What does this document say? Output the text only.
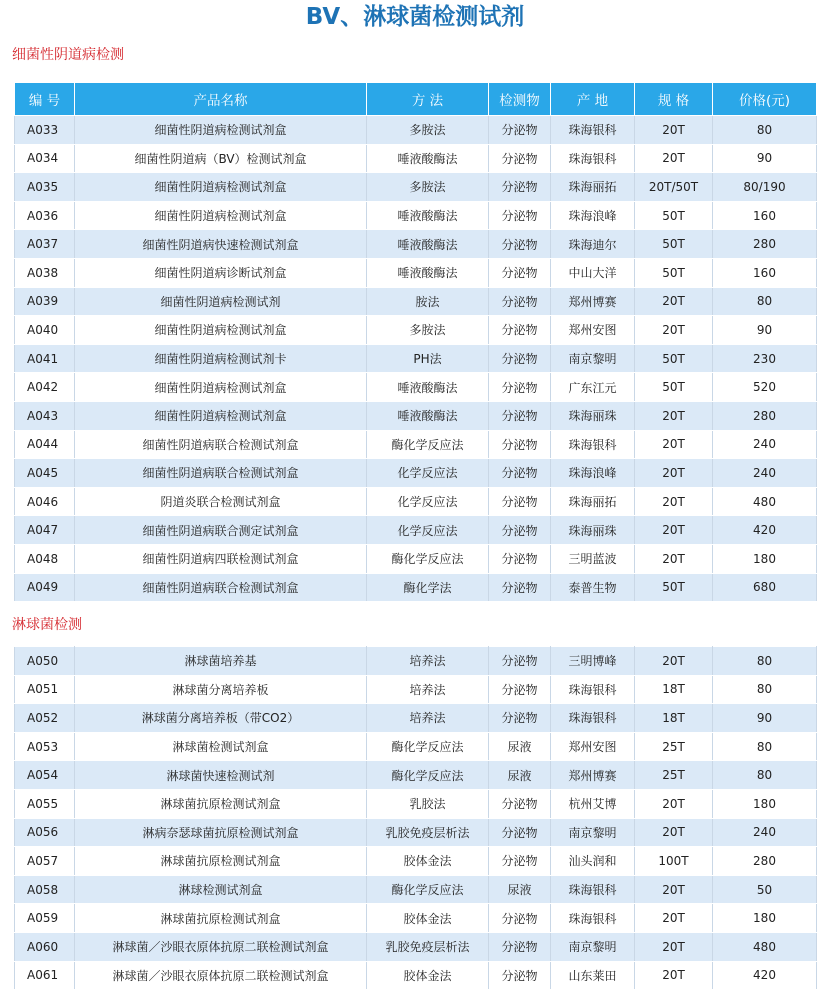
BV、淋球菌检测试剂
细菌性阴道病检测
编 号	产品名称	方 法	检测物	产 地	规 格	价格(元)
A033	细菌性阴道病检测试剂盒	多胺法	分泌物	珠海银科	20T	80
A034	细菌性阴道病（BV）检测试剂盒	唾液酸酶法	分泌物	珠海银科	20T	90
A035	细菌性阴道病检测试剂盒	多胺法	分泌物	珠海丽拓	20T/50T	80/190
A036	细菌性阴道病检测试剂盒	唾液酸酶法	分泌物	珠海浪峰	50T	160
A037	细菌性阴道病快速检测试剂盒	唾液酸酶法	分泌物	珠海迪尔	50T	280
A038	细菌性阴道病诊断试剂盒	唾液酸酶法	分泌物	中山大洋	50T	160
A039	细菌性阴道病检测试剂	胺法	分泌物	郑州博赛	20T	80
A040	细菌性阴道病检测试剂盒	多胺法	分泌物	郑州安图	20T	90
A041	细菌性阴道病检测试剂卡	PH法	分泌物	南京黎明	50T	230
A042	细菌性阴道病检测试剂盒	唾液酸酶法	分泌物	广东江元	50T	520
A043	细菌性阴道病检测试剂盒	唾液酸酶法	分泌物	珠海丽珠	20T	280
A044	细菌性阴道病联合检测试剂盒	酶化学反应法	分泌物	珠海银科	20T	240
A045	细菌性阴道病联合检测试剂盒	化学反应法	分泌物	珠海浪峰	20T	240
A046	阴道炎联合检测试剂盒	化学反应法	分泌物	珠海丽拓	20T	480
A047	细菌性阴道病联合测定试剂盒	化学反应法	分泌物	珠海丽珠	20T	420
A048	细菌性阴道病四联检测试剂盒	酶化学反应法	分泌物	三明蓝波	20T	180
A049	细菌性阴道病联合检测试剂盒	酶化学法	分泌物	泰普生物	50T	680
淋球菌检测

A050	淋球菌培养基	培养法	分泌物	三明博峰	20T	80
A051	淋球菌分离培养板	培养法	分泌物	珠海银科	18T	80
A052	淋球菌分离培养板（带CO2）	培养法	分泌物	珠海银科	18T	90
A053	淋球菌检测试剂盒	酶化学反应法	尿液	郑州安图	25T	80
A054	淋球菌快速检测试剂	酶化学反应法	尿液	郑州博赛	25T	80
A055	淋球菌抗原检测试剂盒	乳胶法	分泌物	杭州艾博	20T	180
A056	淋病奈瑟球菌抗原检测试剂盒	乳胶免疫层析法	分泌物	南京黎明	20T	240
A057	淋球菌抗原检测试剂盒	胶体金法	分泌物	汕头润和	100T	280
A058	淋球检测试剂盒	酶化学反应法	尿液	珠海银科	20T	50
A059	淋球菌抗原检测试剂盒	胶体金法	分泌物	珠海银科	20T	180
A060	淋球菌／沙眼衣原体抗原二联检测试剂盒	乳胶免疫层析法	分泌物	南京黎明	20T	480
A061	淋球菌／沙眼衣原体抗原二联检测试剂盒	胶体金法	分泌物	山东莱田	20T	420
